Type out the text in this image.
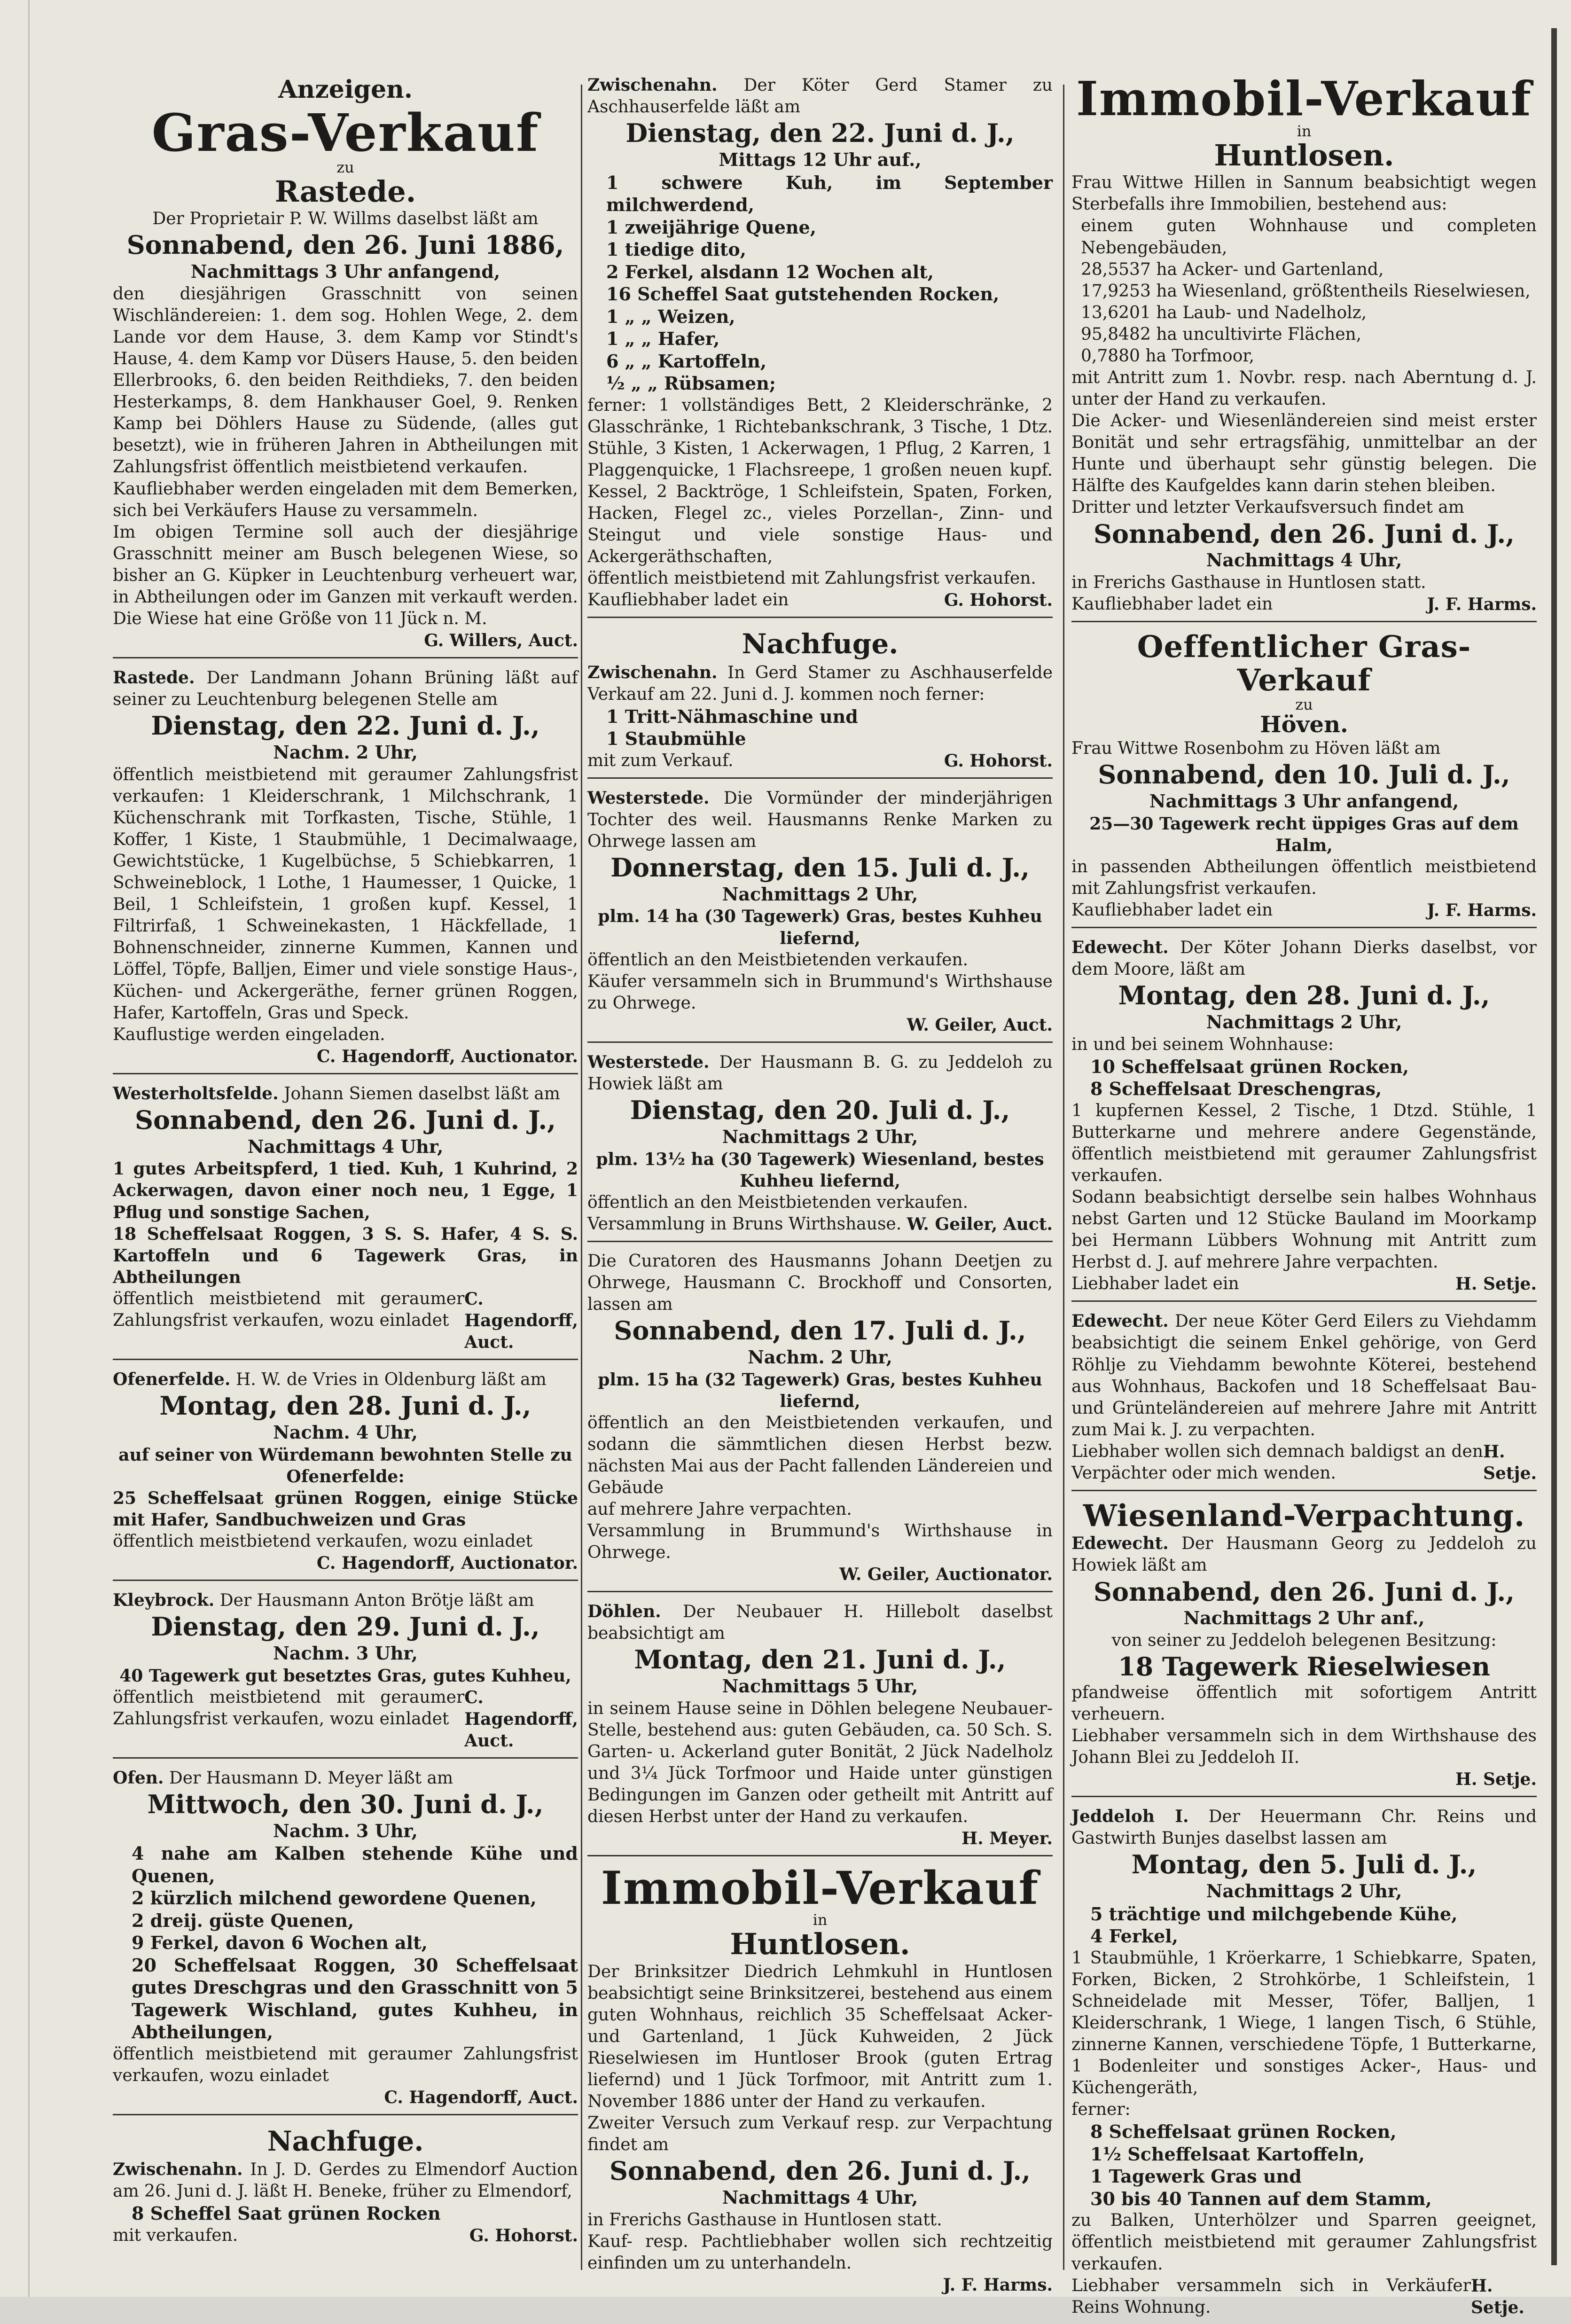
Anzeigen.
Gras-Verkauf
zu
Rastede.
Der Proprietair P. W. Willms daselbst läßt am
Sonnabend, den 26. Juni 1886,
Nachmittags 3 Uhr anfangend,
den diesjährigen Grasschnitt von seinen Wischländereien: 1. dem sog. Hohlen Wege, 2. dem Lande vor dem Hause, 3. dem Kamp vor Stindt's Hause, 4. dem Kamp vor Düsers Hause, 5. den beiden Ellerbrooks, 6. den beiden Reithdieks, 7. den beiden Hesterkamps, 8. dem Hankhauser Goel, 9. Renken Kamp bei Döhlers Hause zu Südende, (alles gut besetzt), wie in früheren Jahren in Abtheilungen mit Zahlungsfrist öffentlich meistbietend verkaufen.
Kaufliebhaber werden eingeladen mit dem Bemerken, sich bei Verkäufers Hause zu versammeln.
Im obigen Termine soll auch der diesjährige Grasschnitt meiner am Busch belegenen Wiese, so bisher an G. Küpker in Leuchtenburg verheuert war, in Abtheilungen oder im Ganzen mit verkauft werden. Die Wiese hat eine Größe von 11 Jück n. M.
G. Willers, Auct.
Rastede. Der Landmann Johann Brüning läßt auf seiner zu Leuchtenburg belegenen Stelle am
Dienstag, den 22. Juni d. J.,
Nachm. 2 Uhr,
öffentlich meistbietend mit geraumer Zahlungsfrist verkaufen: 1 Kleiderschrank, 1 Milchschrank, 1 Küchenschrank mit Torfkasten, Tische, Stühle, 1 Koffer, 1 Kiste, 1 Staubmühle, 1 Decimalwaage, Gewichtstücke, 1 Kugelbüchse, 5 Schiebkarren, 1 Schweineblock, 1 Lothe, 1 Haumesser, 1 Quicke, 1 Beil, 1 Schleifstein, 1 großen kupf. Kessel, 1 Filtrirfaß, 1 Schweinekasten, 1 Häckfellade, 1 Bohnenschneider, zinnerne Kummen, Kannen und Löffel, Töpfe, Balljen, Eimer und viele sonstige Haus-, Küchen- und Ackergeräthe, ferner grünen Roggen, Hafer, Kartoffeln, Gras und Speck.
Kauflustige werden eingeladen.
C. Hagendorff, Auctionator.
Westerholtsfelde. Johann Siemen daselbst läßt am
Sonnabend, den 26. Juni d. J.,
Nachmittags 4 Uhr,
1 gutes Arbeitspferd, 1 tied. Kuh, 1 Kuhrind, 2 Ackerwagen, davon einer noch neu, 1 Egge, 1 Pflug und sonstige Sachen,
18 Scheffelsaat Roggen, 3 S. S. Hafer, 4 S. S. Kartoffeln und 6 Tagewerk Gras, in Abtheilungen
öffentlich meistbietend mit geraumer Zahlungsfrist verkaufen, wozu einladet
C. Hagendorff, Auct.
Ofenerfelde. H. W. de Vries in Oldenburg läßt am
Montag, den 28. Juni d. J.,
Nachm. 4 Uhr,
auf seiner von Würdemann bewohnten Stelle zu Ofenerfelde:
25 Scheffelsaat grünen Roggen, einige Stücke mit Hafer, Sandbuchweizen und Gras
öffentlich meistbietend verkaufen, wozu einladet
C. Hagendorff, Auctionator.
Kleybrock. Der Hausmann Anton Brötje läßt am
Dienstag, den 29. Juni d. J.,
Nachm. 3 Uhr,
40 Tagewerk gut besetztes Gras, gutes Kuhheu,
öffentlich meistbietend mit geraumer Zahlungsfrist verkaufen, wozu einladet
C. Hagendorff, Auct.
Ofen. Der Hausmann D. Meyer läßt am
Mittwoch, den 30. Juni d. J.,
Nachm. 3 Uhr,
4 nahe am Kalben stehende Kühe und Quenen,
2 kürzlich milchend gewordene Quenen,
2 dreij. güste Quenen,
9 Ferkel, davon 6 Wochen alt,
20 Scheffelsaat Roggen, 30 Scheffelsaat gutes Dreschgras und den Grasschnitt von 5 Tagewerk Wischland, gutes Kuhheu, in Abtheilungen,
öffentlich meistbietend mit geraumer Zahlungsfrist verkaufen, wozu einladet
C. Hagendorff, Auct.
Nachfuge.
Zwischenahn. In J. D. Gerdes zu Elmendorf Auction am 26. Juni d. J. läßt H. Beneke, früher zu Elmendorf,
8 Scheffel Saat grünen Rocken
mit verkaufen.	G. Hohorst.
Zwischenahn. Der Köter Gerd Stamer zu Aschhauserfelde läßt am
Dienstag, den 22. Juni d. J.,
Mittags 12 Uhr auf.,
1 schwere Kuh, im September milchwerdend,
1 zweijährige Quene,
1 tiedige dito,
2 Ferkel, alsdann 12 Wochen alt,
16 Scheffel Saat gutstehenden Rocken,
1 „ „ Weizen,
1 „ „ Hafer,
6 „ „ Kartoffeln,
½ „ „ Rübsamen;
ferner: 1 vollständiges Bett, 2 Kleiderschränke, 2 Glasschränke, 1 Richtebankschrank, 3 Tische, 1 Dtz. Stühle, 3 Kisten, 1 Ackerwagen, 1 Pflug, 2 Karren, 1 Plaggenquicke, 1 Flachsreepe, 1 großen neuen kupf. Kessel, 2 Backtröge, 1 Schleifstein, Spaten, Forken, Hacken, Flegel zc., vieles Porzellan-, Zinn- und Steingut und viele sonstige Haus- und Ackergeräthschaften,
öffentlich meistbietend mit Zahlungsfrist verkaufen.
Kaufliebhaber ladet ein	G. Hohorst.
Nachfuge.
Zwischenahn. In Gerd Stamer zu Aschhauserfelde Verkauf am 22. Juni d. J. kommen noch ferner:
1 Tritt-Nähmaschine und
1 Staubmühle
mit zum Verkauf.	G. Hohorst.
Westerstede. Die Vormünder der minderjährigen Tochter des weil. Hausmanns Renke Marken zu Ohrwege lassen am
Donnerstag, den 15. Juli d. J.,
Nachmittags 2 Uhr,
plm. 14 ha (30 Tagewerk) Gras, bestes Kuhheu liefernd,
öffentlich an den Meistbietenden verkaufen.
Käufer versammeln sich in Brummund's Wirthshause zu Ohrwege.
W. Geiler, Auct.
Westerstede. Der Hausmann B. G. zu Jeddeloh zu Howiek läßt am
Dienstag, den 20. Juli d. J.,
Nachmittags 2 Uhr,
plm. 13½ ha (30 Tagewerk) Wiesenland, bestes Kuhheu liefernd,
öffentlich an den Meistbietenden verkaufen.
Versammlung in Bruns Wirthshause. W. Geiler, Auct.
Die Curatoren des Hausmanns Johann Deetjen zu Ohrwege, Hausmann C. Brockhoff und Consorten, lassen am
Sonnabend, den 17. Juli d. J.,
Nachm. 2 Uhr,
plm. 15 ha (32 Tagewerk) Gras, bestes Kuhheu liefernd,
öffentlich an den Meistbietenden verkaufen, und sodann die sämmtlichen diesen Herbst bezw. nächsten Mai aus der Pacht fallenden Ländereien und Gebäude
auf mehrere Jahre verpachten.
Versammlung in Brummund's Wirthshause in Ohrwege.
W. Geiler, Auctionator.
Döhlen. Der Neubauer H. Hillebolt daselbst beabsichtigt am
Montag, den 21. Juni d. J.,
Nachmittags 5 Uhr,
in seinem Hause seine in Döhlen belegene Neubauer-Stelle, bestehend aus: guten Gebäuden, ca. 50 Sch. S. Garten- u. Ackerland guter Bonität, 2 Jück Nadelholz und 3¼ Jück Torfmoor und Haide unter günstigen Bedingungen im Ganzen oder getheilt mit Antritt auf diesen Herbst unter der Hand zu verkaufen.
H. Meyer.
Immobil-Verkauf
in
Huntlosen.
Der Brinksitzer Diedrich Lehmkuhl in Huntlosen beabsichtigt seine Brinksitzerei, bestehend aus einem guten Wohnhaus, reichlich 35 Scheffelsaat Acker- und Gartenland, 1 Jück Kuhweiden, 2 Jück Rieselwiesen im Huntloser Brook (guten Ertrag liefernd) und 1 Jück Torfmoor, mit Antritt zum 1. November 1886 unter der Hand zu verkaufen.
Zweiter Versuch zum Verkauf resp. zur Verpachtung findet am
Sonnabend, den 26. Juni d. J.,
Nachmittags 4 Uhr,
in Frerichs Gasthause in Huntlosen statt.
Kauf- resp. Pachtliebhaber wollen sich rechtzeitig einfinden um zu unterhandeln.
J. F. Harms.
Immobil-Verkauf
in
Huntlosen.
Frau Wittwe Hillen in Sannum beabsichtigt wegen Sterbefalls ihre Immobilien, bestehend aus:
einem guten Wohnhause und completen Nebengebäuden,
28,5537 ha Acker- und Gartenland,
17,9253 ha Wiesenland, größtentheils Rieselwiesen,
13,6201 ha Laub- und Nadelholz,
95,8482 ha uncultivirte Flächen,
0,7880 ha Torfmoor,
mit Antritt zum 1. Novbr. resp. nach Aberntung d. J. unter der Hand zu verkaufen.
Die Acker- und Wiesenländereien sind meist erster Bonität und sehr ertragsfähig, unmittelbar an der Hunte und überhaupt sehr günstig belegen. Die Hälfte des Kaufgeldes kann darin stehen bleiben.
Dritter und letzter Verkaufsversuch findet am
Sonnabend, den 26. Juni d. J.,
Nachmittags 4 Uhr,
in Frerichs Gasthause in Huntlosen statt.
Kaufliebhaber ladet ein	J. F. Harms.
Oeffentlicher Gras-Verkauf
zu
Höven.
Frau Wittwe Rosenbohm zu Höven läßt am
Sonnabend, den 10. Juli d. J.,
Nachmittags 3 Uhr anfangend,
25—30 Tagewerk recht üppiges Gras auf dem Halm,
in passenden Abtheilungen öffentlich meistbietend mit Zahlungsfrist verkaufen.
Kaufliebhaber ladet ein	J. F. Harms.
Edewecht. Der Köter Johann Dierks daselbst, vor dem Moore, läßt am
Montag, den 28. Juni d. J.,
Nachmittags 2 Uhr,
in und bei seinem Wohnhause:
10 Scheffelsaat grünen Rocken,
8 Scheffelsaat Dreschengras,
1 kupfernen Kessel, 2 Tische, 1 Dtzd. Stühle, 1 Butterkarne und mehrere andere Gegenstände, öffentlich meistbietend mit geraumer Zahlungsfrist verkaufen.
Sodann beabsichtigt derselbe sein halbes Wohnhaus nebst Garten und 12 Stücke Bauland im Moorkamp bei Hermann Lübbers Wohnung mit Antritt zum Herbst d. J. auf mehrere Jahre verpachten.
Liebhaber ladet ein	H. Setje.
Edewecht. Der neue Köter Gerd Eilers zu Viehdamm beabsichtigt die seinem Enkel gehörige, von Gerd Röhlje zu Viehdamm bewohnte Köterei, bestehend aus Wohnhaus, Backofen und 18 Scheffelsaat Bau- und Grünteländereien auf mehrere Jahre mit Antritt zum Mai k. J. zu verpachten.
Liebhaber wollen sich demnach baldigst an den Verpächter oder mich wenden.
H. Setje.
Wiesenland-Verpachtung.
Edewecht. Der Hausmann Georg zu Jeddeloh zu Howiek läßt am
Sonnabend, den 26. Juni d. J.,
Nachmittags 2 Uhr anf.,
von seiner zu Jeddeloh belegenen Besitzung:
18 Tagewerk Rieselwiesen
pfandweise öffentlich mit sofortigem Antritt verheuern.
Liebhaber versammeln sich in dem Wirthshause des Johann Blei zu Jeddeloh II.
H. Setje.
Jeddeloh I. Der Heuermann Chr. Reins und Gastwirth Bunjes daselbst lassen am
Montag, den 5. Juli d. J.,
Nachmittags 2 Uhr,
5 trächtige und milchgebende Kühe,
4 Ferkel,
1 Staubmühle, 1 Kröerkarre, 1 Schiebkarre, Spaten, Forken, Bicken, 2 Strohkörbe, 1 Schleifstein, 1 Schneidelade mit Messer, Töfer, Balljen, 1 Kleiderschrank, 1 Wiege, 1 langen Tisch, 6 Stühle, zinnerne Kannen, verschiedene Töpfe, 1 Butterkarne, 1 Bodenleiter und sonstiges Acker-, Haus- und Küchengeräth,
ferner:
8 Scheffelsaat grünen Rocken,
1½ Scheffelsaat Kartoffeln,
1 Tagewerk Gras und
30 bis 40 Tannen auf dem Stamm,
zu Balken, Unterhölzer und Sparren geeignet, öffentlich meistbietend mit geraumer Zahlungsfrist verkaufen.
Liebhaber versammeln sich in Verkäufer Reins Wohnung.
H. Setje.
